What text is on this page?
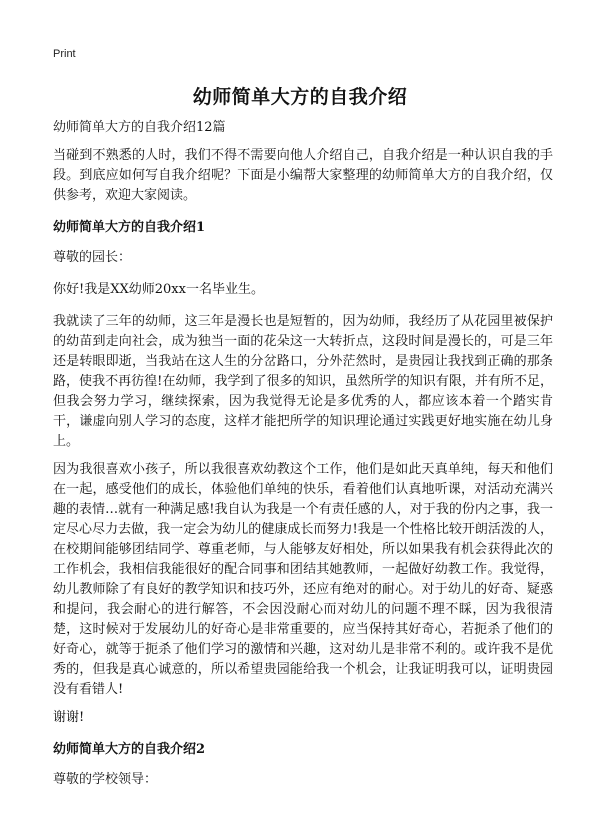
Print
幼师简单大方的自我介绍
幼师简单大方的自我介绍12篇

当碰到不熟悉的人时，我们不得不需要向他人介绍自己，自我介绍是一种认识自我的手段。到底应如何写自我介绍呢？下面是小编帮大家整理的幼师简单大方的自我介绍，仅供参考，欢迎大家阅读。

幼师简单大方的自我介绍1

尊敬的园长：

你好!我是XX幼师20xx一名毕业生。

我就读了三年的幼师，这三年是漫长也是短暂的，因为幼师，我经历了从花园里被保护的幼苗到走向社会，成为独当一面的花朵这一大转折点，这段时间是漫长的，可是三年还是转眼即逝，当我站在这人生的分岔路口，分外茫然时，是贵园让我找到正确的那条路，使我不再彷徨!在幼师，我学到了很多的知识，虽然所学的知识有限，并有所不足，但我会努力学习，继续探索，因为我觉得无论是多优秀的人，都应该本着一个踏实肯干，谦虚向别人学习的态度，这样才能把所学的知识理论通过实践更好地实施在幼儿身上。

因为我很喜欢小孩子，所以我很喜欢幼教这个工作，他们是如此天真单纯，每天和他们在一起，感受他们的成长，体验他们单纯的快乐，看着他们认真地听课，对活动充满兴趣的表情…就有一种满足感!我自认为我是一个有责任感的人，对于我的份内之事，我一定尽心尽力去做，我一定会为幼儿的健康成长而努力!我是一个性格比较开朗活泼的人，在校期间能够团结同学、尊重老师，与人能够友好相处，所以如果我有机会获得此次的工作机会，我相信我能很好的配合同事和团结其她教师，一起做好幼教工作。我觉得，幼儿教师除了有良好的教学知识和技巧外，还应有绝对的耐心。对于幼儿的好奇、疑惑和提问，我会耐心的进行解答，不会因没耐心而对幼儿的问题不理不睬，因为我很清楚，这时候对于发展幼儿的好奇心是非常重要的，应当保持其好奇心，若扼杀了他们的好奇心，就等于扼杀了他们学习的激情和兴趣，这对幼儿是非常不利的。或许我不是优秀的，但我是真心诚意的，所以希望贵园能给我一个机会，让我证明我可以，证明贵园没有看错人!

谢谢!

幼师简单大方的自我介绍2

尊敬的学校领导：
